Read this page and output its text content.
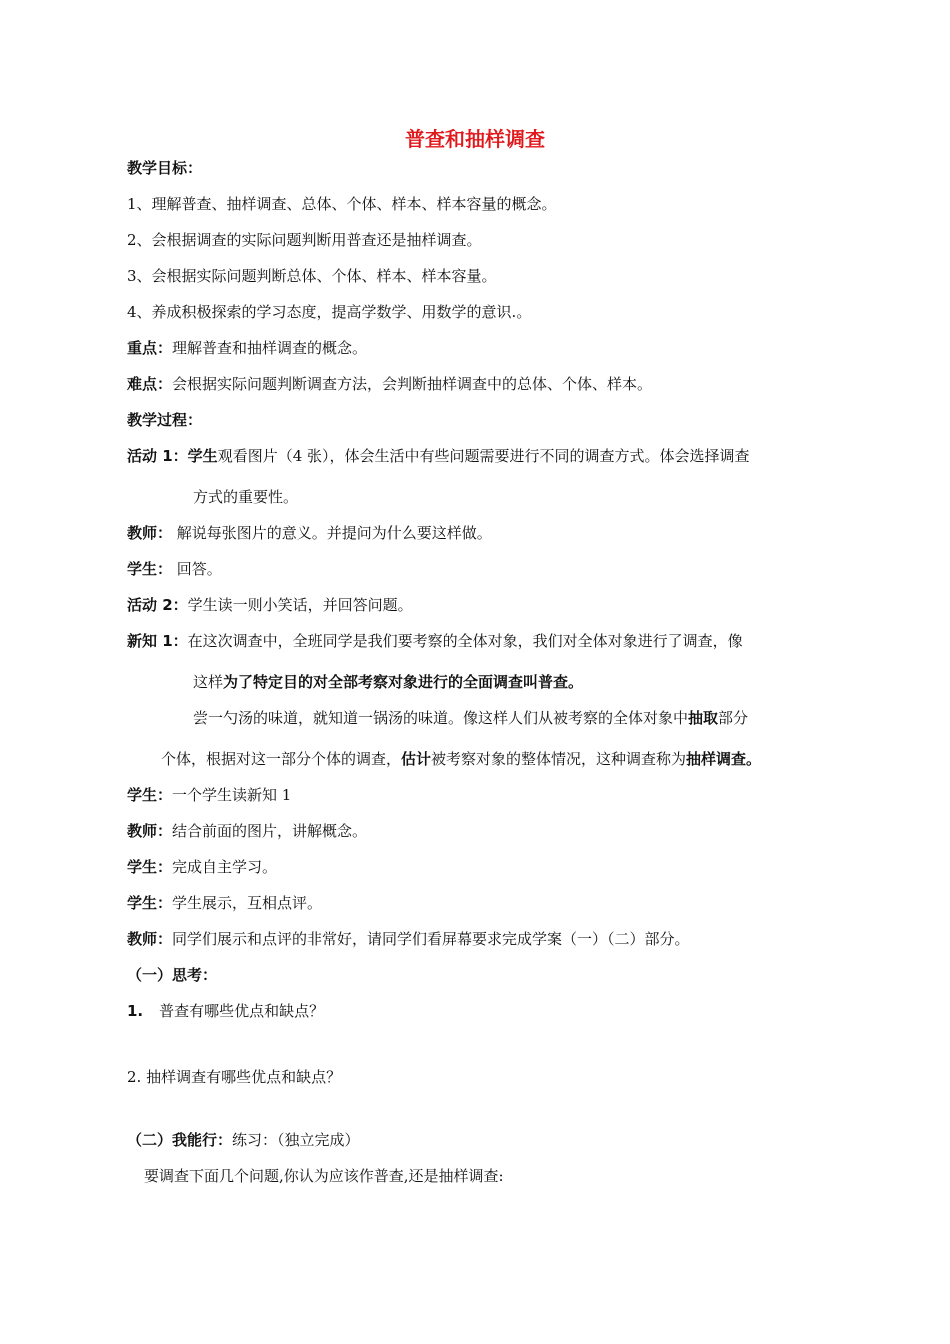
普查和抽样调查
教学目标：
1、理解普查、抽样调查、总体、个体、样本、样本容量的概念。
2、会根据调查的实际问题判断用普查还是抽样调查。
3、会根据实际问题判断总体、个体、样本、样本容量。
4、养成积极探索的学习态度，提高学数学、用数学的意识.。
重点：理解普查和抽样调查的概念。
难点：会根据实际问题判断调查方法，会判断抽样调查中的总体、个体、样本。
教学过程：
活动 1：学生观看图片（4 张），体会生活中有些问题需要进行不同的调查方式。体会选择调查
方式的重要性。
教师： 解说每张图片的意义。并提问为什么要这样做。
学生： 回答。
活动 2：学生读一则小笑话，并回答问题。
新知 1：在这次调查中，全班同学是我们要考察的全体对象，我们对全体对象进行了调查，像
这样为了特定目的对全部考察对象进行的全面调查叫普查。
尝一勺汤的味道，就知道一锅汤的味道。像这样人们从被考察的全体对象中抽取部分
个体，根据对这一部分个体的调查，估计被考察对象的整体情况，这种调查称为抽样调查。
学生：一个学生读新知 1
教师：结合前面的图片，讲解概念。
学生：完成自主学习。
学生：学生展示，互相点评。
教师：同学们展示和点评的非常好，请同学们看屏幕要求完成学案（一）（二）部分。
（一）思考：
1. 普查有哪些优点和缺点？
2. 抽样调查有哪些优点和缺点？
（二）我能行：练习：（独立完成）
要调查下面几个问题,你认为应该作普查,还是抽样调查:
